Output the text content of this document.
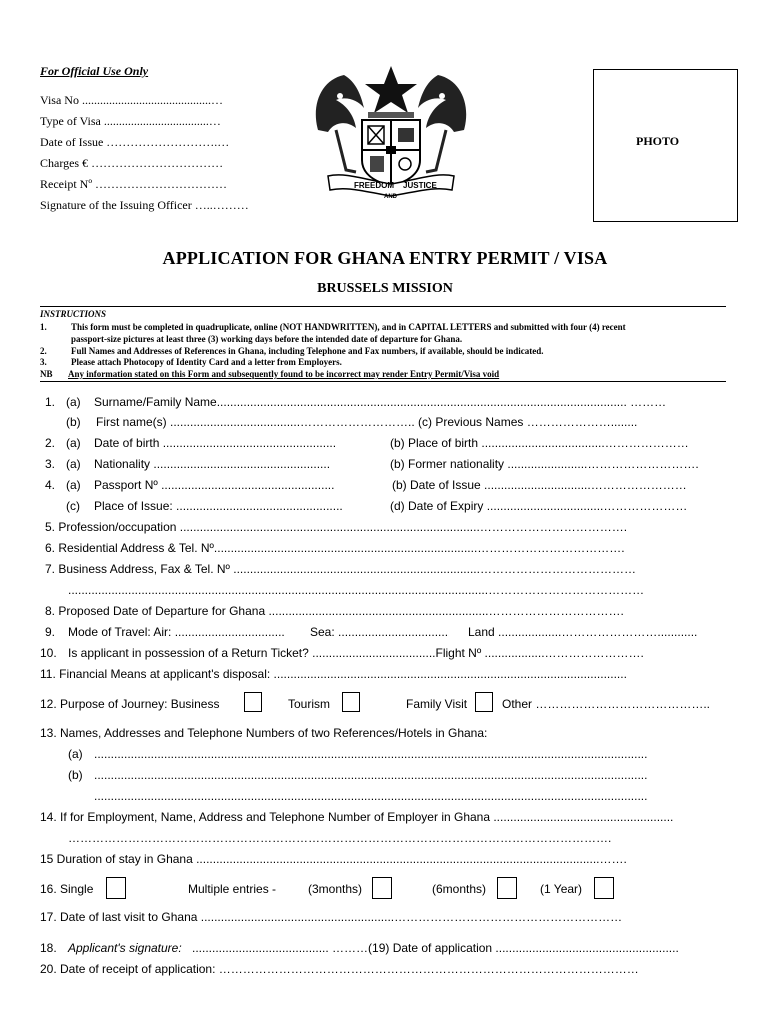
For Official Use Only
Visa No ...........................................…
Type of Visa ...................................…
Date of Issue ……………………….…
Charges € ……………………………
Receipt Nº ……………………………
Signature of the Issuing Officer …..………
FREEDOM JUSTICE
AND
PHOTO
APPLICATION FOR GHANA ENTRY PERMIT / VISA
BRUSSELS MISSION
INSTRUCTIONS
1.	This form must be completed in quadruplicate, online (NOT HANDWRITTEN), and in CAPITAL LETTERS and submitted with four (4) recent
passport-size pictures at least three (3) working days before the intended date of departure for Ghana.
2.	Full Names and Addresses of References in Ghana, including Telephone and Fax numbers, if available, should be indicated.
3.	Please attach Photocopy of Identity Card and a letter from Employers.
NB Any information stated on this Form and subsequently found to be incorrect may render Entry Permit/Visa void
1. (a) Surname/Family Name........................................................................................................................... ………
(b) First name(s) .......................................……………………….. (c) Previous Names …………………........
2. (a) Date of birth ....................................................	(b) Place of birth .....................................…………………
3. (a) Nationality .....................................................	(b) Former nationality ........................……………………….
4. (a) Passport Nº ....................................................	(b) Date of Issue ................................……………………
(c) Place of Issue: ..................................................	(d) Date of Expiry ...................................…………………
5. Profession/occupation ..........................................................................................……………………………….
6. Residential Address & Tel. Nº...............................................................................……………………………….
7. Business Address, Fax & Tel. Nº ..........................................................................…………………………………
..............................................................................................................................…………………………………
8. Proposed Date of Departure for Ghana ..................................................................…………………………….
9. Mode of Travel: Air: ................................. Sea: ................................. Land ...................……………………............
10. Is applicant in possession of a Return Ticket? .....................................Flight Nº ..................…………………….
11. Financial Means at applicant's disposal: ..........................................................................................................
12. Purpose of Journey: Business	Tourism	Family Visit	Other ……………………………………..
13. Names, Addresses and Telephone Numbers of two References/Hotels in Ghana:
(a) ......................................................................................................................................................................
(b) ......................................................................................................................................................................
......................................................................................................................................................................
14. If for Employment, Name, Address and Telephone Number of Employer in Ghana ......................................................
……………………………………………………………………………………………………………………….
15 Duration of stay in Ghana .........................................................................................................................…….
16. Single	Multiple entries -	(3months)	(6months)	(1 Year)
17. Date of last visit to Ghana ..........................................................…………………………………………………
18. Applicant's signature: ......................................... ………(19) Date of application .......................................................
20. Date of receipt of application: ……………………………………………………………………………………………
